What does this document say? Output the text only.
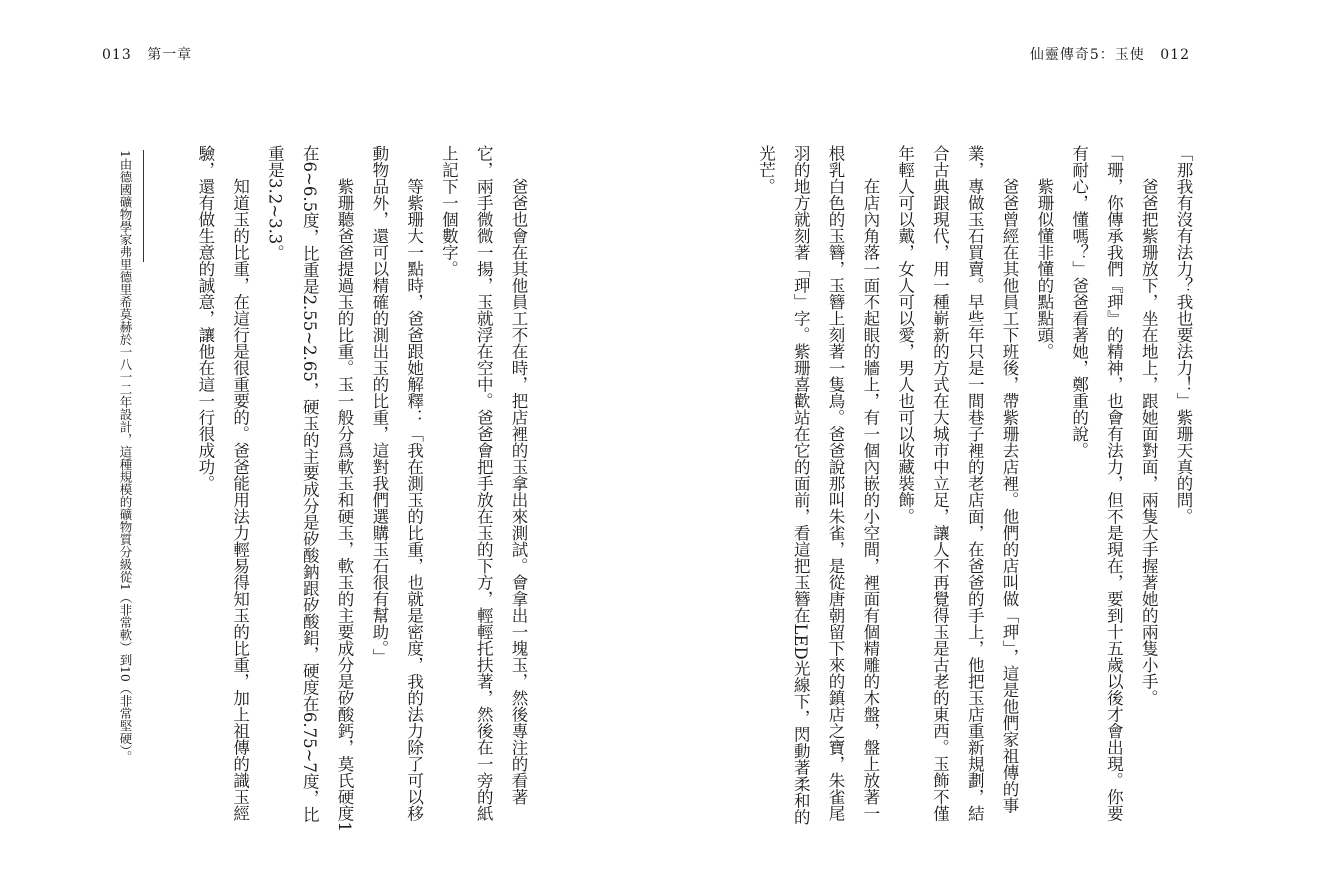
013 第一章	仙靈傳奇5：玉使 012

「那我有沒有法力？我也要法力！」紫珊天真的問。

爸爸把紫珊放下，坐在地上，跟她面對面，兩隻大手握著她的兩隻小手。

「珊，你傳承我們『玾』的精神，也會有法力，但不是現在，要到十五歲以後才會出現。你要有耐心，懂嗎？」爸爸看著她，鄭重的說。

紫珊似懂非懂的點點頭。

爸爸曾經在其他員工下班後，帶紫珊去店裡。他們的店叫做「玾」，這是他們家祖傳的事業，專做玉石買賣。早些年只是一間巷子裡的老店面，在爸爸的手上，他把玉店重新規劃，結合古典跟現代，用一種嶄新的方式在大城市中立足，讓人不再覺得玉是古老的東西。玉飾不僅年輕人可以戴，女人可以愛，男人也可以收藏裝飾。

在店內角落一面不起眼的牆上，有一個內嵌的小空間，裡面有個精雕的木盤，盤上放著一根乳白色的玉簪，玉簪上刻著一隻鳥。爸爸說那叫朱雀，是從唐朝留下來的鎮店之寶，朱雀尾羽的地方就刻著「玾」字。紫珊喜歡站在它的面前，看這把玉簪在LED光線下，閃動著柔和的光芒。

爸爸也會在其他員工不在時，把店裡的玉拿出來測試。會拿出一塊玉，然後專注的看著它，兩手微微一揚，玉就浮在空中。爸爸會把手放在玉的下方，輕輕托扶著，然後在一旁的紙上記下一個數字。

等紫珊大一點時，爸爸跟她解釋：「我在測玉的比重，也就是密度，我的法力除了可以移動物品外，還可以精確的測出玉的比重，這對我們選購玉石很有幫助。」

紫珊聽爸爸提過玉的比重。玉一般分爲軟玉和硬玉，軟玉的主要成分是矽酸鈣，莫氏硬度1在6~6.5度，比重是2.55~2.65，硬玉的主要成分是矽酸鈉跟矽酸鋁，硬度在6.75~7度，比重是3.2~3.3。

知道玉的比重，在這行是很重要的。爸爸能用法力輕易得知玉的比重，加上祖傳的識玉經驗，還有做生意的誠意，讓他在這一行很成功。

1由德國礦物學家弗里德里希莫赫於一八一二年設計，這種規模的礦物質分級從1（非常軟）到10（非常堅硬）。
